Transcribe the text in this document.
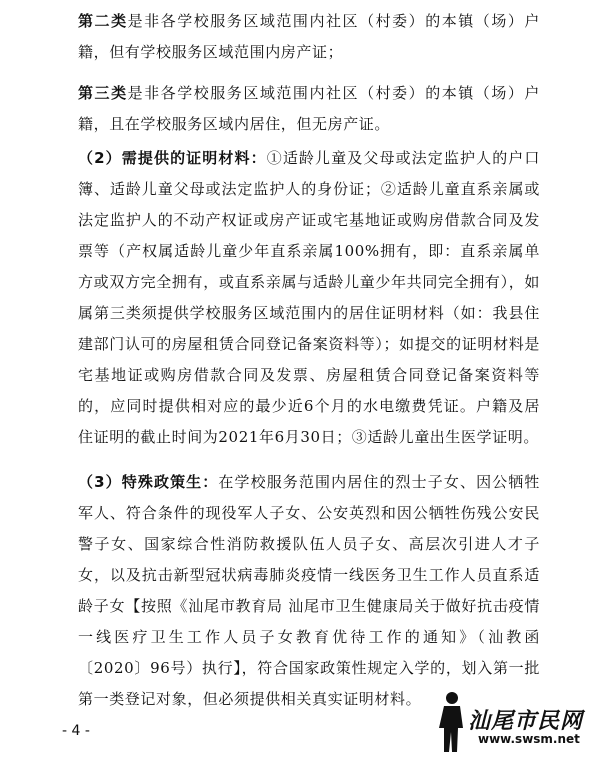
第二类是非各学校服务区域范围内社区（村委）的本镇（场）户籍，但有学校服务区域范围内房产证；

第三类是非各学校服务区域范围内社区（村委）的本镇（场）户籍，且在学校服务区域内居住，但无房产证。

（2）需提供的证明材料：①适龄儿童及父母或法定监护人的户口簿、适龄儿童父母或法定监护人的身份证；②适龄儿童直系亲属或法定监护人的不动产权证或房产证或宅基地证或购房借款合同及发票等（产权属适龄儿童少年直系亲属100%拥有，即：直系亲属单方或双方完全拥有，或直系亲属与适龄儿童少年共同完全拥有），如属第三类须提供学校服务区域范围内的居住证明材料（如：我县住建部门认可的房屋租赁合同登记备案资料等）；如提交的证明材料是宅基地证或购房借款合同及发票、房屋租赁合同登记备案资料等的，应同时提供相对应的最少近6个月的水电缴费凭证。户籍及居住证明的截止时间为2021年6月30日；③适龄儿童出生医学证明。

（3）特殊政策生：在学校服务范围内居住的烈士子女、因公牺牲军人、符合条件的现役军人子女、公安英烈和因公牺牲伤残公安民警子女、国家综合性消防救援队伍人员子女、高层次引进人才子女，以及抗击新型冠状病毒肺炎疫情一线医务卫生工作人员直系适龄子女【按照《汕尾市教育局 汕尾市卫生健康局关于做好抗击疫情一线医疗卫生工作人员子女教育优待工作的通知》（汕教函〔2020〕96号）执行】，符合国家政策性规定入学的，划入第一批第一类登记对象，但必须提供相关真实证明材料。

- 4 -	汕尾市民网
www.swsm.net
